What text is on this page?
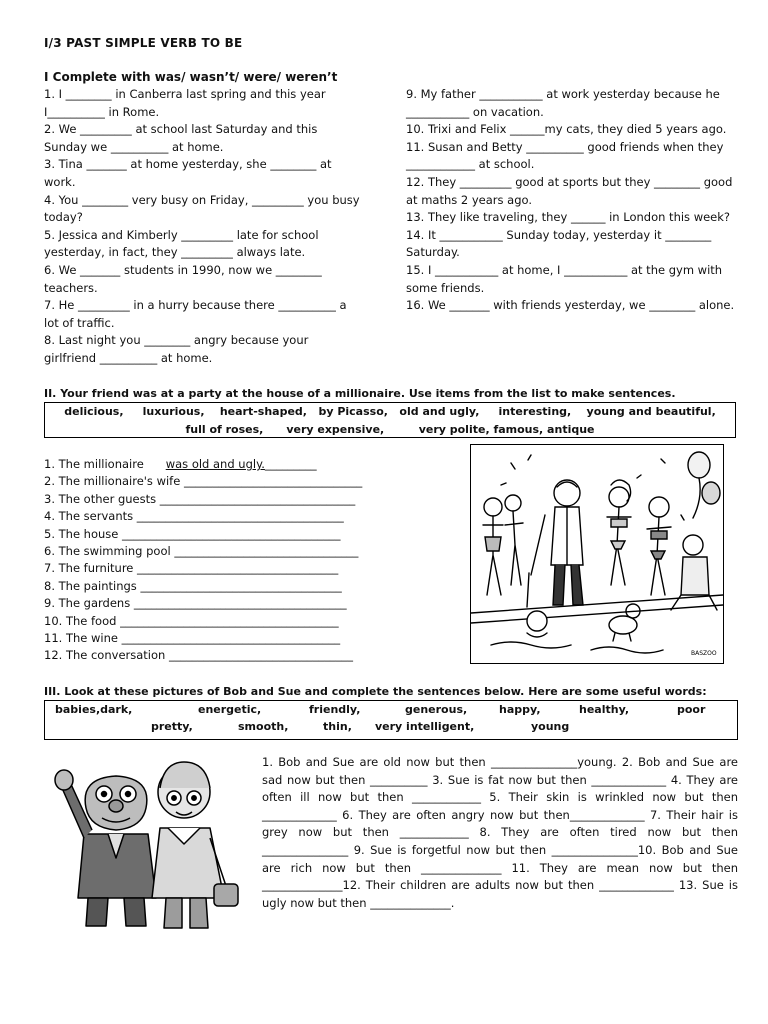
I/3 PAST SIMPLE VERB TO BE
I Complete with was/ wasn’t/ were/ weren’t

1. I ________ in Canberra last spring and this year I__________ in Rome.

2. We _________ at school last Saturday and this Sunday we __________ at home.

3. Tina _______ at home yesterday, she ________ at work.

4. You ________ very busy on Friday, _________ you busy today?

5. Jessica and Kimberly _________ late for school yesterday, in fact, they _________ always late.

6. We _______ students in 1990, now we ________ teachers.

7. He _________ in a hurry because there __________ a lot of traffic.

8. Last night you ________ angry because your girlfriend __________ at home.

9. My father ___________ at work yesterday because he ___________ on vacation.

10. Trixi and Felix ______my cats, they died 5 years ago.

11. Susan and Betty __________ good friends when they ____________ at school.

12. They _________ good at sports but they ________ good at maths 2 years ago.

13. They like traveling, they ______ in London this week?

14. It ___________ Sunday today, yesterday it ________ Saturday.

15. I ___________ at home, I ___________ at the gym with some friends.

16. We _______ with friends yesterday, we ________ alone.

II. Your friend was at a party at the house of a millionaire. Use items from the list to make sentences.
delicious,     luxurious,    heart-shaped,   by Picasso,   old and ugly,     interesting,    young and beautiful,
full of roses,      very expensive,         very polite, famous, antique

1. The millionaire was old and ugly._________

2. The millionaire's wife _______________________________

3. The other guests __________________________________

4. The servants ____________________________________

5. The house ______________________________________

6. The swimming pool ________________________________

7. The furniture ___________________________________

8. The paintings ___________________________________

9. The gardens _____________________________________

10. The food ______________________________________

11. The wine ______________________________________

12. The conversation ________________________________	BASZOO
III. Look at these pictures of Bob and Sue and complete the sentences below. Here are some useful words:
babies,dark,	energetic,	friendly,	generous,	happy,	healthy,	poor
pretty,	smooth,	thin, very intelligent,	young
1. Bob and Sue are old now but then _______________young. 2. Bob and Sue are sad now but then __________ 3. Sue is fat now but then _____________ 4. They are often ill now but then ____________ 5. Their skin is wrinkled now but then _____________ 6. They are often angry now but then_____________ 7. Their hair is grey now but then ____________ 8. They are often tired now but then _______________ 9. Sue is forgetful now but then _______________10. Bob and Sue are rich now but then ______________ 11. They are mean now but then ______________12. Their children are adults now but then _____________ 13. Sue is ugly now but then ______________.
